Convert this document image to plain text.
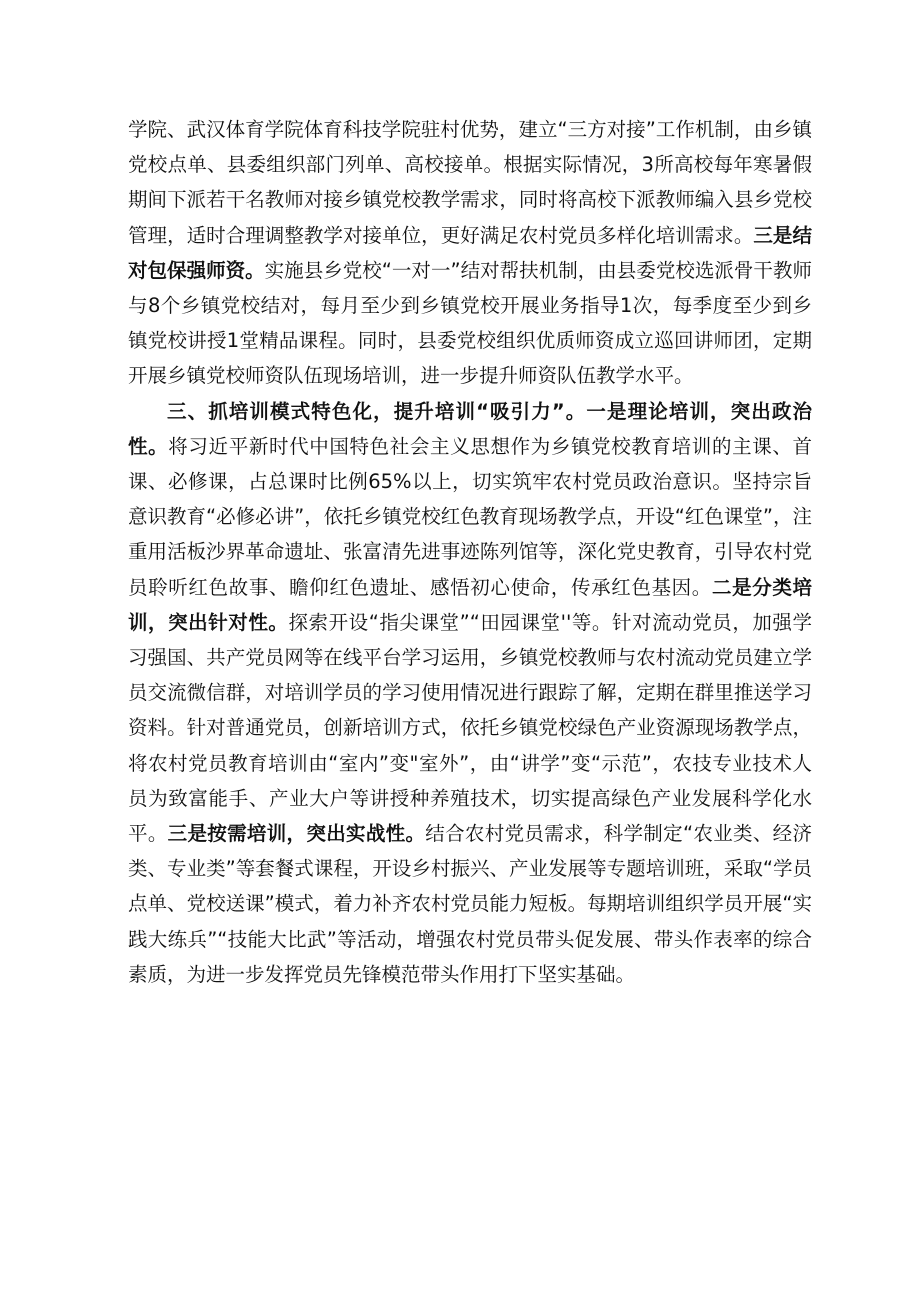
学院、武汉体育学院体育科技学院驻村优势，建立“三方对接”工作机制，由乡镇党校点单、县委组织部门列单、高校接单。根据实际情况，3所高校每年寒暑假期间下派若干名教师对接乡镇党校教学需求，同时将高校下派教师编入县乡党校管理，适时合理调整教学对接单位，更好满足农村党员多样化培训需求。三是结对包保强师资。实施县乡党校“一对一”结对帮扶机制，由县委党校选派骨干教师与8个乡镇党校结对，每月至少到乡镇党校开展业务指导1次，每季度至少到乡镇党校讲授1堂精品课程。同时，县委党校组织优质师资成立巡回讲师团，定期开展乡镇党校师资队伍现场培训，进一步提升师资队伍教学水平。

三、抓培训模式特色化，提升培训“吸引力”。一是理论培训，突出政治性。将习近平新时代中国特色社会主义思想作为乡镇党校教育培训的主课、首课、必修课，占总课时比例65%以上，切实筑牢农村党员政治意识。坚持宗旨意识教育“必修必讲”，依托乡镇党校红色教育现场教学点，开设“红色课堂”，注重用活板沙界革命遗址、张富清先进事迹陈列馆等，深化党史教育，引导农村党员聆听红色故事、瞻仰红色遗址、感悟初心使命，传承红色基因。二是分类培训，突出针对性。探索开设“指尖课堂”“田园课堂''等。针对流动党员，加强学习强国、共产党员网等在线平台学习运用，乡镇党校教师与农村流动党员建立学员交流微信群，对培训学员的学习使用情况进行跟踪了解，定期在群里推送学习资料。针对普通党员，创新培训方式，依托乡镇党校绿色产业资源现场教学点，将农村党员教育培训由“室内”变"室外”，由“讲学”变“示范”，农技专业技术人员为致富能手、产业大户等讲授种养殖技术，切实提高绿色产业发展科学化水平。三是按需培训，突出实战性。结合农村党员需求，科学制定“农业类、经济类、专业类”等套餐式课程，开设乡村振兴、产业发展等专题培训班，采取“学员点单、党校送课”模式，着力补齐农村党员能力短板。每期培训组织学员开展“实践大练兵”“技能大比武”等活动，增强农村党员带头促发展、带头作表率的综合素质，为进一步发挥党员先锋模范带头作用打下坚实基础。
